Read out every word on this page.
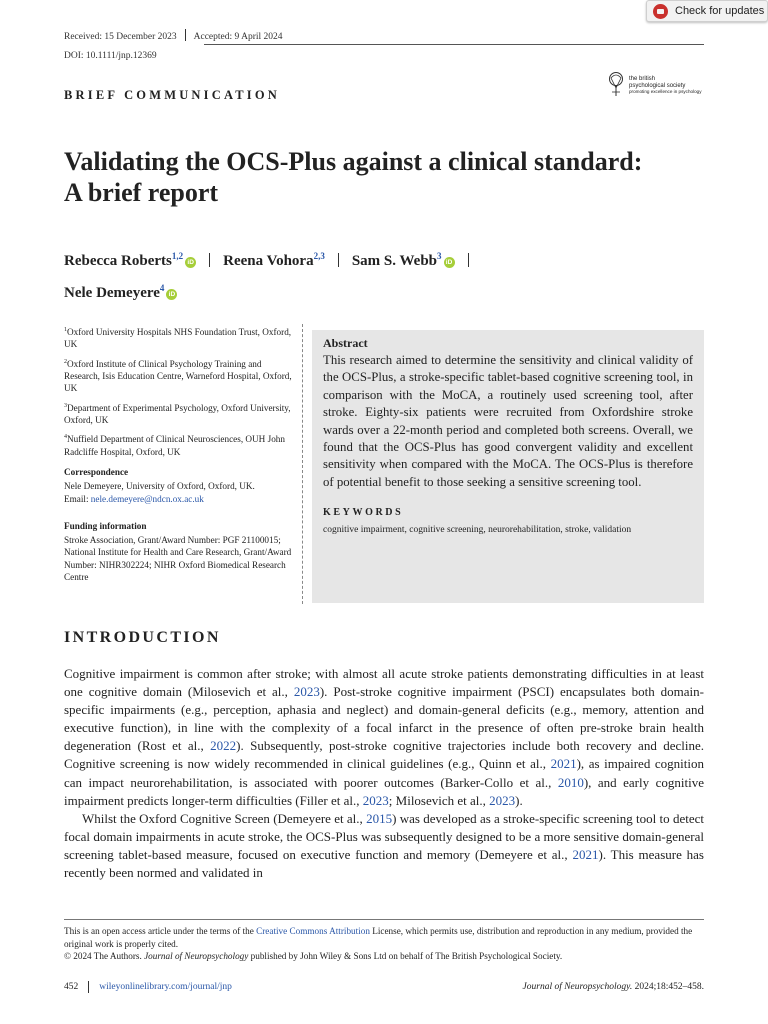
Check for updates
Received: 15 December 2023 Accepted: 9 April 2024
DOI: 10.1111/jnp.12369
the british
psychological society
promoting excellence in psychology
BRIEF COMMUNICATION
Validating the OCS-Plus against a clinical standard:
A brief report
Rebecca Roberts$^{1,2}$iD Reena Vohora$^{2,3}$ Sam S. Webb$^3$iD
Nele Demeyere$^4$iD
$^1$Oxford University Hospitals NHS Foundation Trust, Oxford, UK
$^2$Oxford Institute of Clinical Psychology Training and Research, Isis Education Centre, Warneford Hospital, Oxford, UK
$^3$Department of Experimental Psychology, Oxford University, Oxford, UK
$^4$Nuffield Department of Clinical Neurosciences, OUH John Radcliffe Hospital, Oxford, UK
Correspondence
Nele Demeyere, University of Oxford, Oxford, UK.
Email: nele.demeyere@ndcn.ox.ac.uk
Funding information
Stroke Association, Grant/Award Number: PGF 21100015; National Institute for Health and Care Research, Grant/Award Number: NIHR302224; NIHR Oxford Biomedical Research Centre
Abstract
This research aimed to determine the sensitivity and clinical validity of the OCS-Plus, a stroke-specific tablet-based cognitive screening tool, in comparison with the MoCA, a routinely used screening tool, after stroke. Eighty-six patients were recruited from Oxfordshire stroke wards over a 22-month period and completed both screens. Overall, we found that the OCS-Plus has good convergent validity and excellent sensitivity when compared with the MoCA. The OCS-Plus is therefore of potential benefit to those seeking a sensitive screening tool.
KEYWORDS
cognitive impairment, cognitive screening, neurorehabilitation, stroke, validation
INTRODUCTION

Cognitive impairment is common after stroke; with almost all acute stroke patients demonstrating difficulties in at least one cognitive domain (Milosevich et al., 2023). Post-stroke cognitive impairment (PSCI) encapsulates both domain-specific impairments (e.g., perception, aphasia and neglect) and domain-general deficits (e.g., memory, attention and executive function), in line with the complexity of a focal infarct in the presence of often pre-stroke brain health degeneration (Rost et al., 2022). Subsequently, post-stroke cognitive trajectories include both recovery and decline. Cognitive screening is now widely recommended in clinical guidelines (e.g., Quinn et al., 2021), as impaired cognition can impact neurorehabilitation, is associated with poorer outcomes (Barker-Collo et al., 2010), and early cognitive impairment predicts longer-term difficulties (Filler et al., 2023; Milosevich et al., 2023).

Whilst the Oxford Cognitive Screen (Demeyere et al., 2015) was developed as a stroke-specific screening tool to detect focal domain impairments in acute stroke, the OCS-Plus was subsequently designed to be a more sensitive domain-general screening tablet-based measure, focused on executive function and memory (Demeyere et al., 2021). This measure has recently been normed and validated in

This is an open access article under the terms of the Creative Commons Attribution License, which permits use, distribution and reproduction in any medium, provided the original work is properly cited.
© 2024 The Authors. Journal of Neuropsychology published by John Wiley & Sons Ltd on behalf of The British Psychological Society.
452 wileyonlinelibrary.com/journal/jnp	Journal of Neuropsychology. 2024;18:452–458.
